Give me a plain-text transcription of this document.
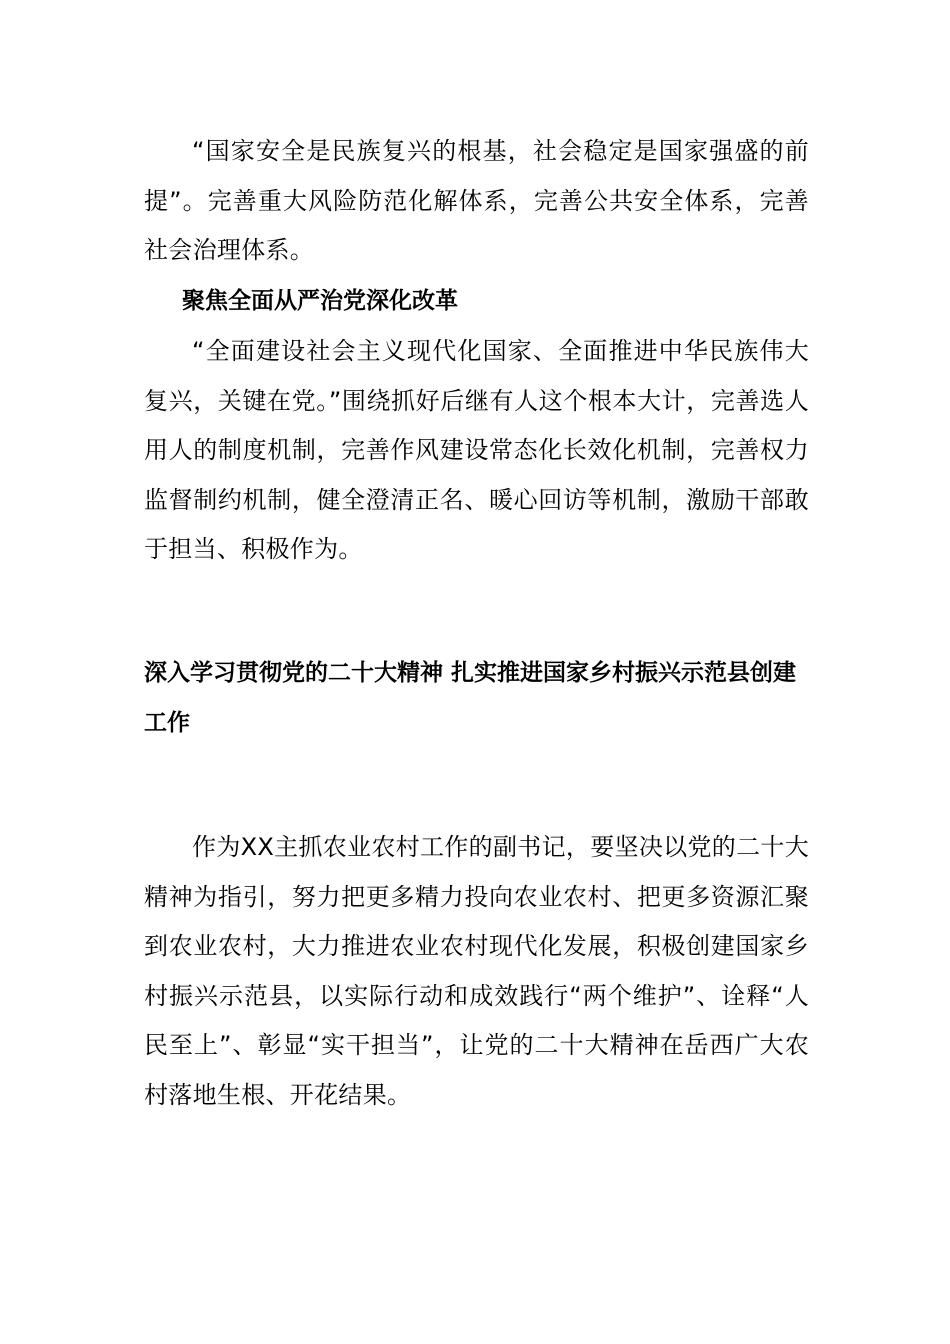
“国家安全是民族复兴的根基，社会稳定是国家强盛的前提”。完善重大风险防范化解体系，完善公共安全体系，完善社会治理体系。

聚焦全面从严治党深化改革

“全面建设社会主义现代化国家、全面推进中华民族伟大复兴，关键在党。”围绕抓好后继有人这个根本大计，完善选人用人的制度机制，完善作风建设常态化长效化机制，完善权力监督制约机制，健全澄清正名、暖心回访等机制，激励干部敢于担当、积极作为。

深入学习贯彻党的二十大精神 扎实推进国家乡村振兴示范县创建工作

作为XX主抓农业农村工作的副书记，要坚决以党的二十大精神为指引，努力把更多精力投向农业农村、把更多资源汇聚到农业农村，大力推进农业农村现代化发展，积极创建国家乡村振兴示范县，以实际行动和成效践行“两个维护”、诠释“人民至上”、彰显“实干担当”，让党的二十大精神在岳西广大农村落地生根、开花结果。
